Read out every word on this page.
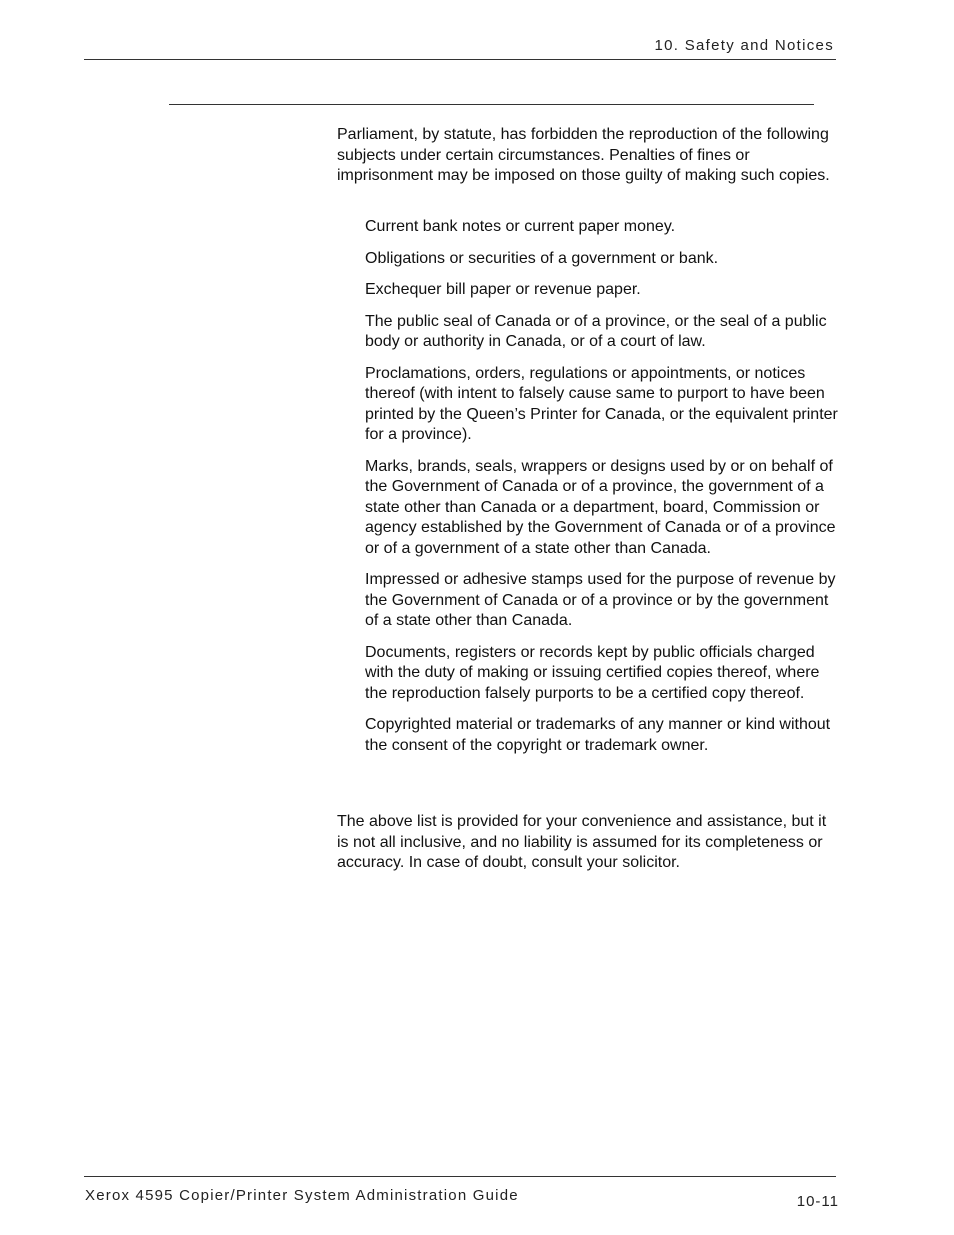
10. Safety and Notices

Parliament, by statute, has forbidden the reproduction of the following subjects under certain circumstances. Penalties of fines or imprisonment may be imposed on those guilty of making such copies.

Current bank notes or current paper money.
Obligations or securities of a government or bank.
Exchequer bill paper or revenue paper.
The public seal of Canada or of a province, or the seal of a public body or authority in Canada, or of a court of law.
Proclamations, orders, regulations or appointments, or notices thereof (with intent to falsely cause same to purport to have been printed by the Queen’s Printer for Canada, or the equivalent printer for a province).
Marks, brands, seals, wrappers or designs used by or on behalf of the Government of Canada or of a province, the government of a state other than Canada or a department, board, Commission or agency established by the Government of Canada or of a province or of a government of a state other than Canada.
Impressed or adhesive stamps used for the purpose of revenue by the Government of Canada or of a province or by the government of a state other than Canada.
Documents, registers or records kept by public officials charged with the duty of making or issuing certified copies thereof, where the reproduction falsely purports to be a certified copy thereof.
Copyrighted material or trademarks of any manner or kind without the consent of the copyright or trademark owner.

The above list is provided for your convenience and assistance, but it is not all inclusive, and no liability is assumed for its completeness or accuracy. In case of doubt, consult your solicitor.

Xerox 4595 Copier/Printer System Administration Guide	10-11
